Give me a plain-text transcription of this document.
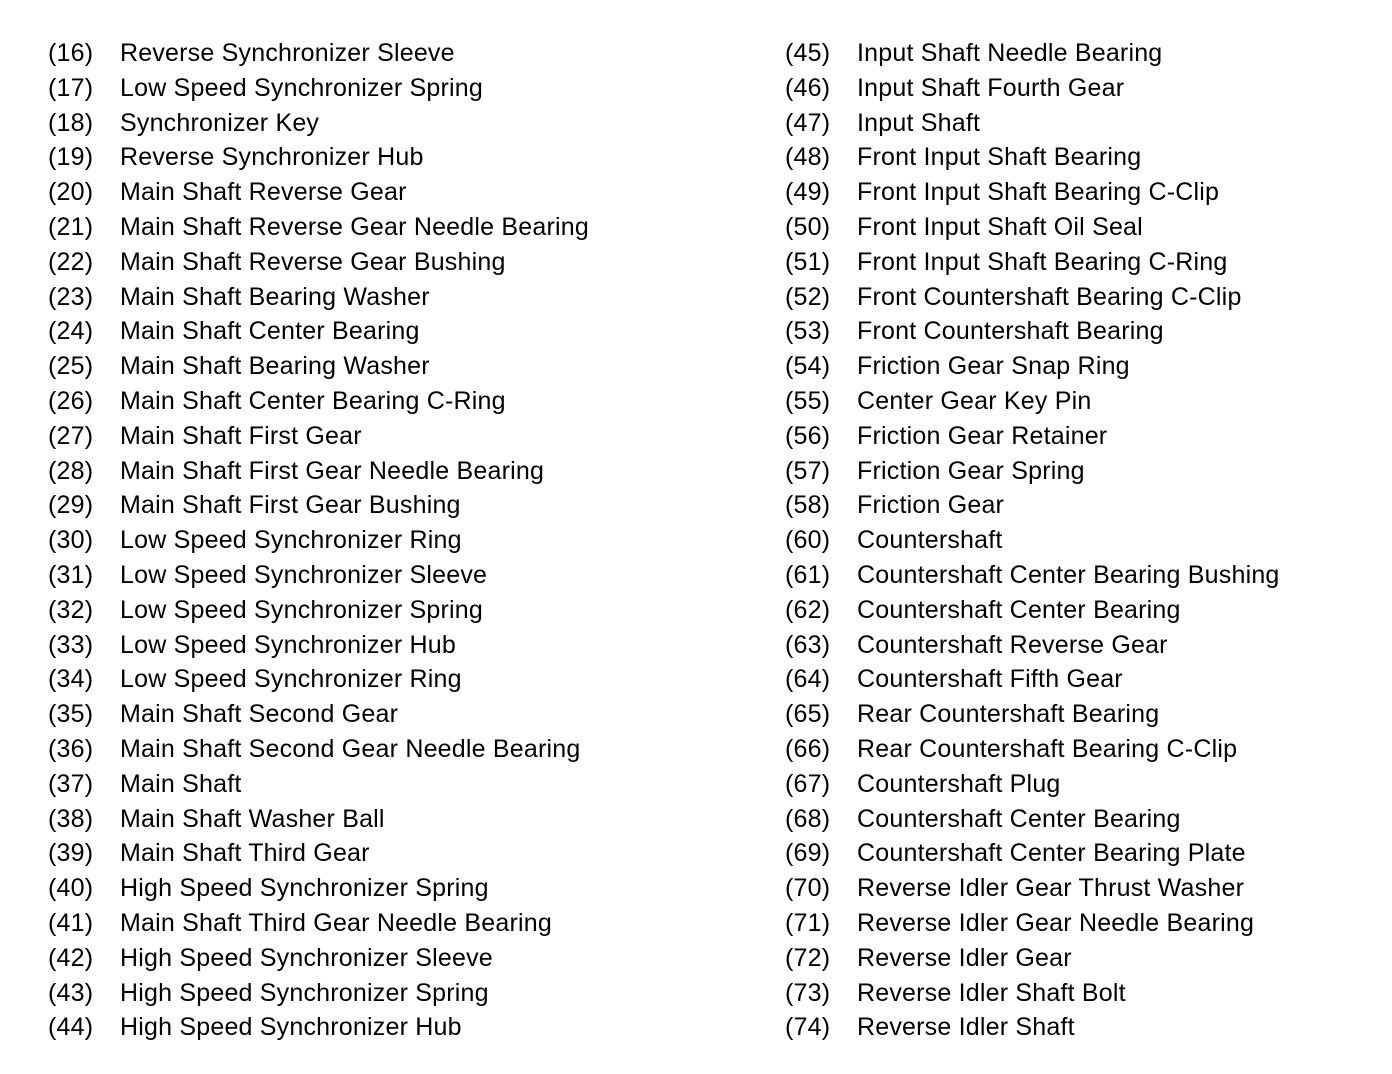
(16) Reverse Synchronizer Sleeve
(17) Low Speed Synchronizer Spring
(18) Synchronizer Key
(19) Reverse Synchronizer Hub
(20) Main Shaft Reverse Gear
(21) Main Shaft Reverse Gear Needle Bearing
(22) Main Shaft Reverse Gear Bushing
(23) Main Shaft Bearing Washer
(24) Main Shaft Center Bearing
(25) Main Shaft Bearing Washer
(26) Main Shaft Center Bearing C-Ring
(27) Main Shaft First Gear
(28) Main Shaft First Gear Needle Bearing
(29) Main Shaft First Gear Bushing
(30) Low Speed Synchronizer Ring
(31) Low Speed Synchronizer Sleeve
(32) Low Speed Synchronizer Spring
(33) Low Speed Synchronizer Hub
(34) Low Speed Synchronizer Ring
(35) Main Shaft Second Gear
(36) Main Shaft Second Gear Needle Bearing
(37) Main Shaft
(38) Main Shaft Washer Ball
(39) Main Shaft Third Gear
(40) High Speed Synchronizer Spring
(41) Main Shaft Third Gear Needle Bearing
(42) High Speed Synchronizer Sleeve
(43) High Speed Synchronizer Spring
(44) High Speed Synchronizer Hub
(45) Input Shaft Needle Bearing
(46) Input Shaft Fourth Gear
(47) Input Shaft
(48) Front Input Shaft Bearing
(49) Front Input Shaft Bearing C-Clip
(50) Front Input Shaft Oil Seal
(51) Front Input Shaft Bearing C-Ring
(52) Front Countershaft Bearing C-Clip
(53) Front Countershaft Bearing
(54) Friction Gear Snap Ring
(55) Center Gear Key Pin
(56) Friction Gear Retainer
(57) Friction Gear Spring
(58) Friction Gear
(60) Countershaft
(61) Countershaft Center Bearing Bushing
(62) Countershaft Center Bearing
(63) Countershaft Reverse Gear
(64) Countershaft Fifth Gear
(65) Rear Countershaft Bearing
(66) Rear Countershaft Bearing C-Clip
(67) Countershaft Plug
(68) Countershaft Center Bearing
(69) Countershaft Center Bearing Plate
(70) Reverse Idler Gear Thrust Washer
(71) Reverse Idler Gear Needle Bearing
(72) Reverse Idler Gear
(73) Reverse Idler Shaft Bolt
(74) Reverse Idler Shaft
